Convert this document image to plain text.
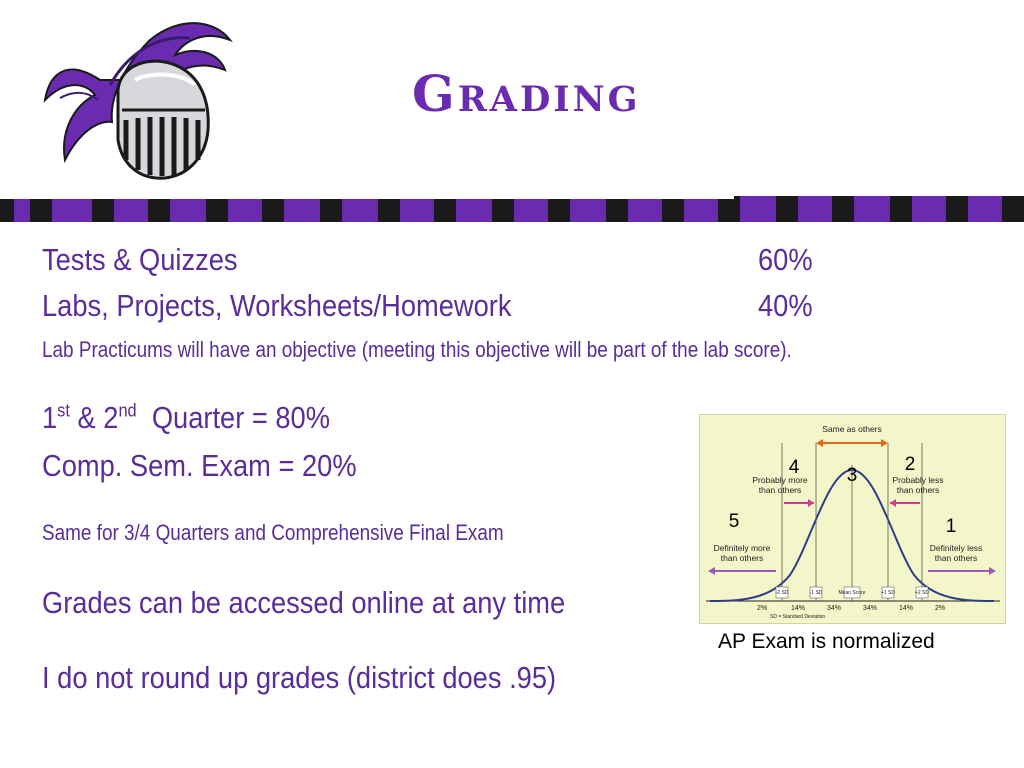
Grading
Tests & Quizzes	60%
Labs, Projects, Worksheets/Homework	40%
Lab Practicums will have an objective (meeting this objective will be part of the lab score).
1st & 2nd  Quarter = 80%
Comp. Sem. Exam = 20%
Same for 3/4 Quarters and Comprehensive Final Exam
Grades can be accessed online at any time
I do not round up grades (district does .95)
Same as others
Probably more
than others
Probably less
than others
Definitely more
than others
Definitely less
than others
4 3
2
5	1
-2 SD	-1 SD	Mean Score	+1 SD	+2 SD
2%	14%	34%	34%	14%	2%
SD = Standard Deviation
AP Exam is normalized
